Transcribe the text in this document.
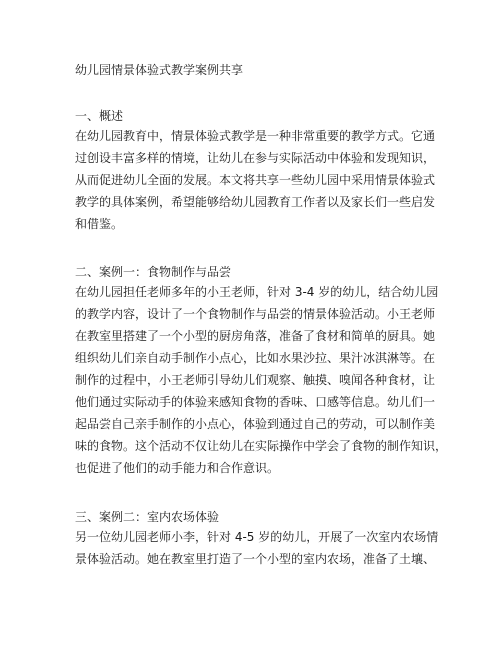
幼儿园情景体验式教学案例共享
一、概述
在幼儿园教育中，情景体验式教学是一种非常重要的教学方式。它通
过创设丰富多样的情境，让幼儿在参与实际活动中体验和发现知识，
从而促进幼儿全面的发展。本文将共享一些幼儿园中采用情景体验式
教学的具体案例，希望能够给幼儿园教育工作者以及家长们一些启发
和借鉴。
二、案例一：食物制作与品尝
在幼儿园担任老师多年的小王老师，针对 3-4 岁的幼儿，结合幼儿园
的教学内容，设计了一个食物制作与品尝的情景体验活动。小王老师
在教室里搭建了一个小型的厨房角落，准备了食材和简单的厨具。她
组织幼儿们亲自动手制作小点心，比如水果沙拉、果汁冰淇淋等。在
制作的过程中，小王老师引导幼儿们观察、触摸、嗅闻各种食材，让
他们通过实际动手的体验来感知食物的香味、口感等信息。幼儿们一
起品尝自己亲手制作的小点心，体验到通过自己的劳动，可以制作美
味的食物。这个活动不仅让幼儿在实际操作中学会了食物的制作知识，
也促进了他们的动手能力和合作意识。
三、案例二：室内农场体验
另一位幼儿园老师小李，针对 4-5 岁的幼儿，开展了一次室内农场情
景体验活动。她在教室里打造了一个小型的室内农场，准备了土壤、
